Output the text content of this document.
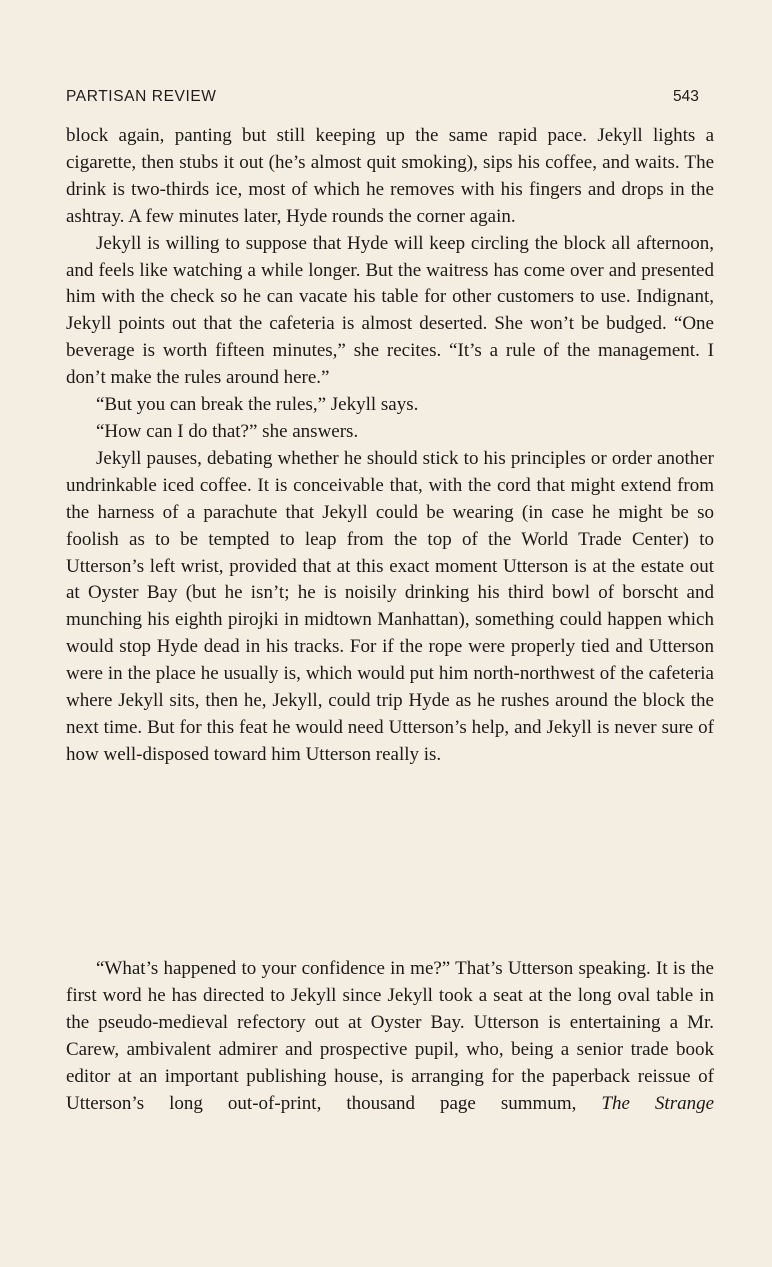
PARTISAN REVIEW	543

block again, panting but still keeping up the same rapid pace. Jekyll lights a cigarette, then stubs it out (he’s almost quit smoking), sips his coffee, and waits. The drink is two-thirds ice, most of which he removes with his fingers and drops in the ashtray. A few minutes later, Hyde rounds the corner again.

Jekyll is willing to suppose that Hyde will keep circling the block all afternoon, and feels like watching a while longer. But the waitress has come over and presented him with the check so he can vacate his table for other customers to use. Indignant, Jekyll points out that the cafeteria is almost deserted. She won’t be budged. “One beverage is worth fifteen minutes,” she recites. “It’s a rule of the management. I don’t make the rules around here.”

“But you can break the rules,” Jekyll says.

“How can I do that?” she answers.

Jekyll pauses, debating whether he should stick to his principles or order another undrinkable iced coffee. It is conceivable that, with the cord that might extend from the harness of a parachute that Jekyll could be wearing (in case he might be so foolish as to be tempted to leap from the top of the World Trade Center) to Utterson’s left wrist, provided that at this exact moment Utterson is at the estate out at Oyster Bay (but he isn’t; he is noisily drinking his third bowl of borscht and munching his eighth pirojki in midtown Manhattan), something could happen which would stop Hyde dead in his tracks. For if the rope were properly tied and Utterson were in the place he usually is, which would put him north-northwest of the cafeteria where Jekyll sits, then he, Jekyll, could trip Hyde as he rushes around the block the next time. But for this feat he would need Utterson’s help, and Jekyll is never sure of how well-disposed toward him Utterson really is.

“What’s happened to your confidence in me?” That’s Utterson speaking. It is the first word he has directed to Jekyll since Jekyll took a seat at the long oval table in the pseudo-medieval refectory out at Oyster Bay. Utterson is entertaining a Mr. Carew, ambivalent admirer and prospective pupil, who, being a senior trade book editor at an important publishing house, is arranging for the paperback reissue of Utterson’s long out-of-print, thousand page summum, The Strange
